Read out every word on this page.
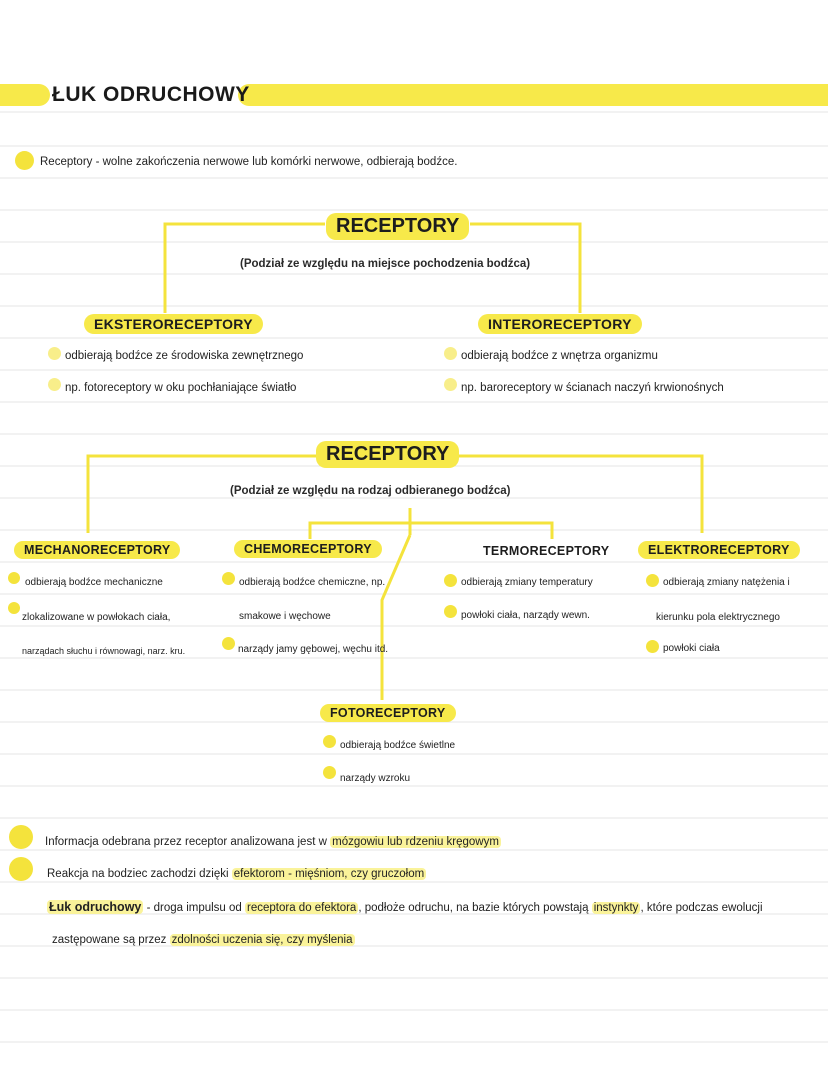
ŁUK ODRUCHOWY
Receptory - wolne zakończenia nerwowe lub komórki nerwowe, odbierają bodźce.
RECEPTORY
(Podział ze względu na miejsce pochodzenia bodźca)
EKSTERORECEPTORY
odbierają bodźce ze środowiska zewnętrznego
np. fotoreceptory w oku pochłaniające światło
INTERORECEPTORY
odbierają bodźce z wnętrza organizmu
np. baroreceptory w ścianach naczyń krwionośnych
RECEPTORY
(Podział ze względu na rodzaj odbieranego bodźca)
MECHANORECEPTORY
odbierają bodźce mechaniczne
zlokalizowane w powłokach ciała,
narządach słuchu i równowagi, narz. kru.
CHEMORECEPTORY
odbierają bodźce chemiczne, np.
smakowe i węchowe
narządy jamy gębowej, węchu itd.
TERMORECEPTORY
odbierają zmiany temperatury
powłoki ciała, narządy wewn.
ELEKTRORECEPTORY
odbierają zmiany natężenia i
kierunku pola elektrycznego
powłoki ciała
FOTORECEPTORY
odbierają bodźce świetlne
narządy wzroku
Informacja odebrana przez receptor analizowana jest w mózgowiu lub rdzeniu kręgowym
Reakcja na bodziec zachodzi dzięki efektorom - mięśniom, czy gruczołom
Łuk odruchowy - droga impulsu od receptora do efektora , podłoże odruchu, na bazie których powstają instynkty , które podczas ewolucji
zastępowane są przez zdolności uczenia się, czy myślenia
